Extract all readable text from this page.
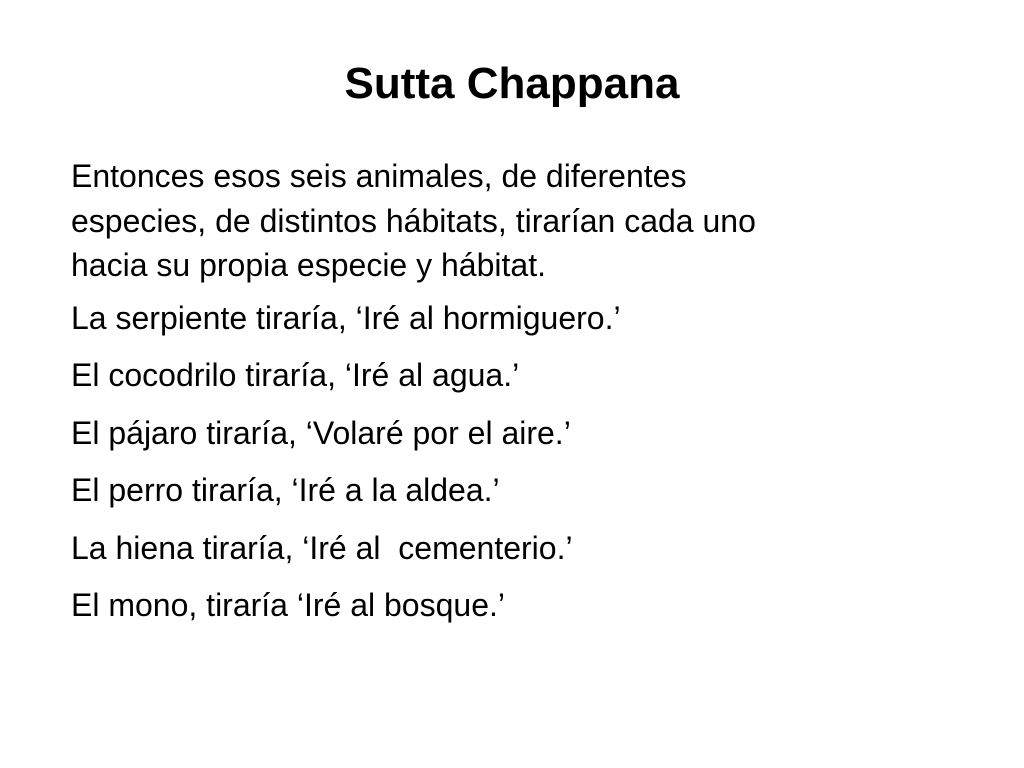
Sutta Chappana
Entonces esos seis animales, de diferentes
especies, de distintos hábitats, tirarían cada uno
hacia su propia especie y hábitat.
La serpiente tiraría, ‘Iré al hormiguero.’
El cocodrilo tiraría, ‘Iré al agua.’
El pájaro tiraría, ‘Volaré por el aire.’
El perro tiraría, ‘Iré a la aldea.’
La hiena tiraría, ‘Iré al  cementerio.’
El mono, tiraría ‘Iré al bosque.’
